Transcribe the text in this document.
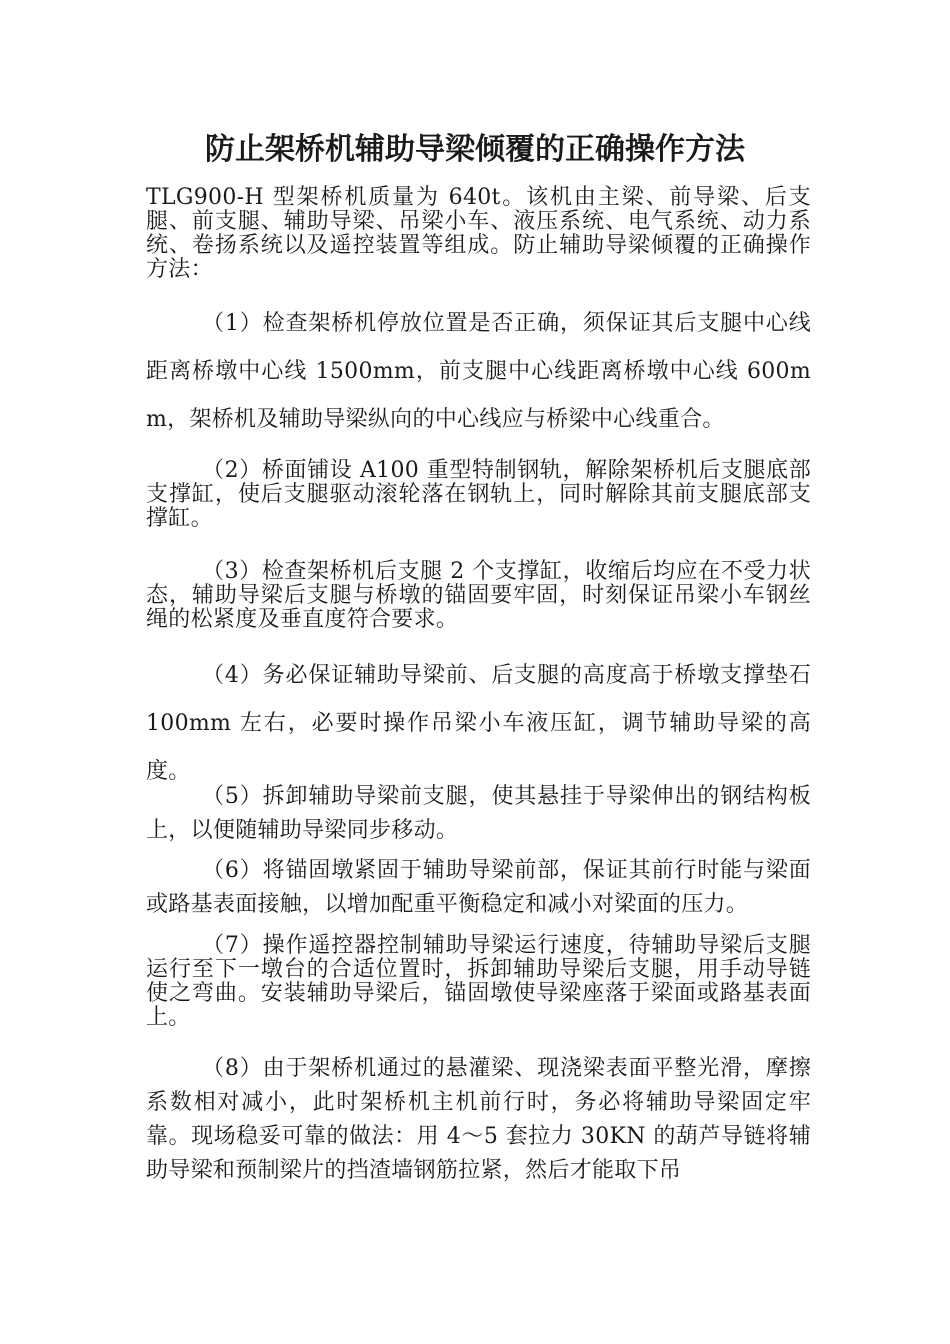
防止架桥机辅助导梁倾覆的正确操作方法

TLG900-H 型架桥机质量为 640t。该机由主梁、前导梁、后支腿、前支腿、辅助导梁、吊梁小车、液压系统、电气系统、动力系统、卷扬系统以及遥控装置等组成。防止辅助导梁倾覆的正确操作方法：

（1）检查架桥机停放位置是否正确，须保证其后支腿中心线距离桥墩中心线 1500mm，前支腿中心线距离桥墩中心线 600mm，架桥机及辅助导梁纵向的中心线应与桥梁中心线重合。

（2）桥面铺设 A100 重型特制钢轨，解除架桥机后支腿底部支撑缸，使后支腿驱动滚轮落在钢轨上，同时解除其前支腿底部支撑缸。

（3）检查架桥机后支腿 2 个支撑缸，收缩后均应在不受力状态，辅助导梁后支腿与桥墩的锚固要牢固，时刻保证吊梁小车钢丝绳的松紧度及垂直度符合要求。

（4）务必保证辅助导梁前、后支腿的高度高于桥墩支撑垫石 100mm 左右，必要时操作吊梁小车液压缸，调节辅助导梁的高度。

（5）拆卸辅助导梁前支腿，使其悬挂于导梁伸出的钢结构板上，以便随辅助导梁同步移动。

（6）将锚固墩紧固于辅助导梁前部，保证其前行时能与梁面或路基表面接触，以增加配重平衡稳定和减小对梁面的压力。

（7）操作遥控器控制辅助导梁运行速度，待辅助导梁后支腿运行至下一墩台的合适位置时，拆卸辅助导梁后支腿，用手动导链使之弯曲。安装辅助导梁后，锚固墩使导梁座落于梁面或路基表面上。

（8）由于架桥机通过的悬灌梁、现浇梁表面平整光滑，摩擦系数相对减小，此时架桥机主机前行时，务必将辅助导梁固定牢靠。现场稳妥可靠的做法：用 4～5 套拉力 30KN 的葫芦导链将辅助导梁和预制梁片的挡渣墙钢筋拉紧，然后才能取下吊
